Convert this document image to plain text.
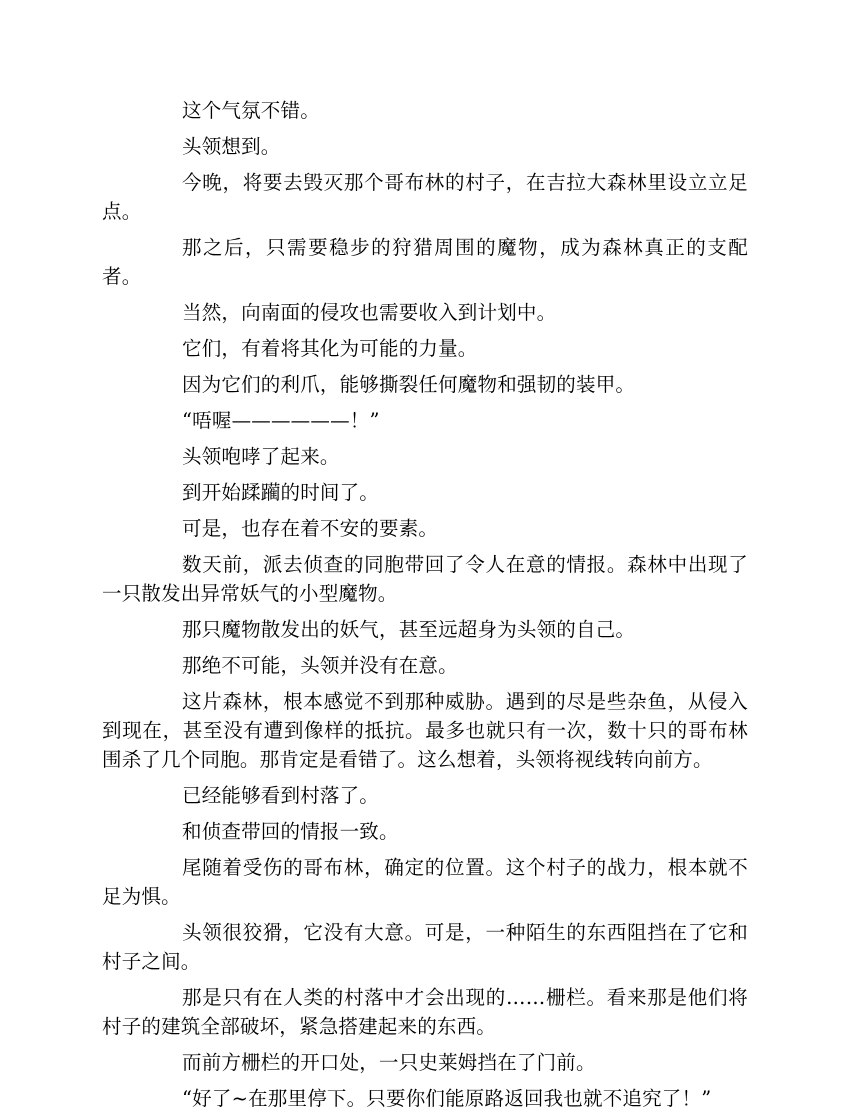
这个气氛不错。

头领想到。

今晚，将要去毁灭那个哥布林的村子，在吉拉大森林里设立立足点。

那之后，只需要稳步的狩猎周围的魔物，成为森林真正的支配者。

当然，向南面的侵攻也需要收入到计划中。

它们，有着将其化为可能的力量。

因为它们的利爪，能够撕裂任何魔物和强韧的装甲。

“唔喔——————！”

头领咆哮了起来。

到开始蹂躏的时间了。

可是，也存在着不安的要素。

数天前，派去侦查的同胞带回了令人在意的情报。森林中出现了一只散发出异常妖气的小型魔物。

那只魔物散发出的妖气，甚至远超身为头领的自己。

那绝不可能，头领并没有在意。

这片森林，根本感觉不到那种威胁。遇到的尽是些杂鱼，从侵入到现在，甚至没有遭到像样的抵抗。最多也就只有一次，数十只的哥布林围杀了几个同胞。那肯定是看错了。这么想着，头领将视线转向前方。

已经能够看到村落了。

和侦查带回的情报一致。

尾随着受伤的哥布林，确定的位置。这个村子的战力，根本就不足为惧。

头领很狡猾，它没有大意。可是，一种陌生的东西阻挡在了它和村子之间。

那是只有在人类的村落中才会出现的……栅栏。看来那是他们将村子的建筑全部破坏，紧急搭建起来的东西。

而前方栅栏的开口处，一只史莱姆挡在了门前。

“好了~在那里停下。只要你们能原路返回我也就不追究了！”
